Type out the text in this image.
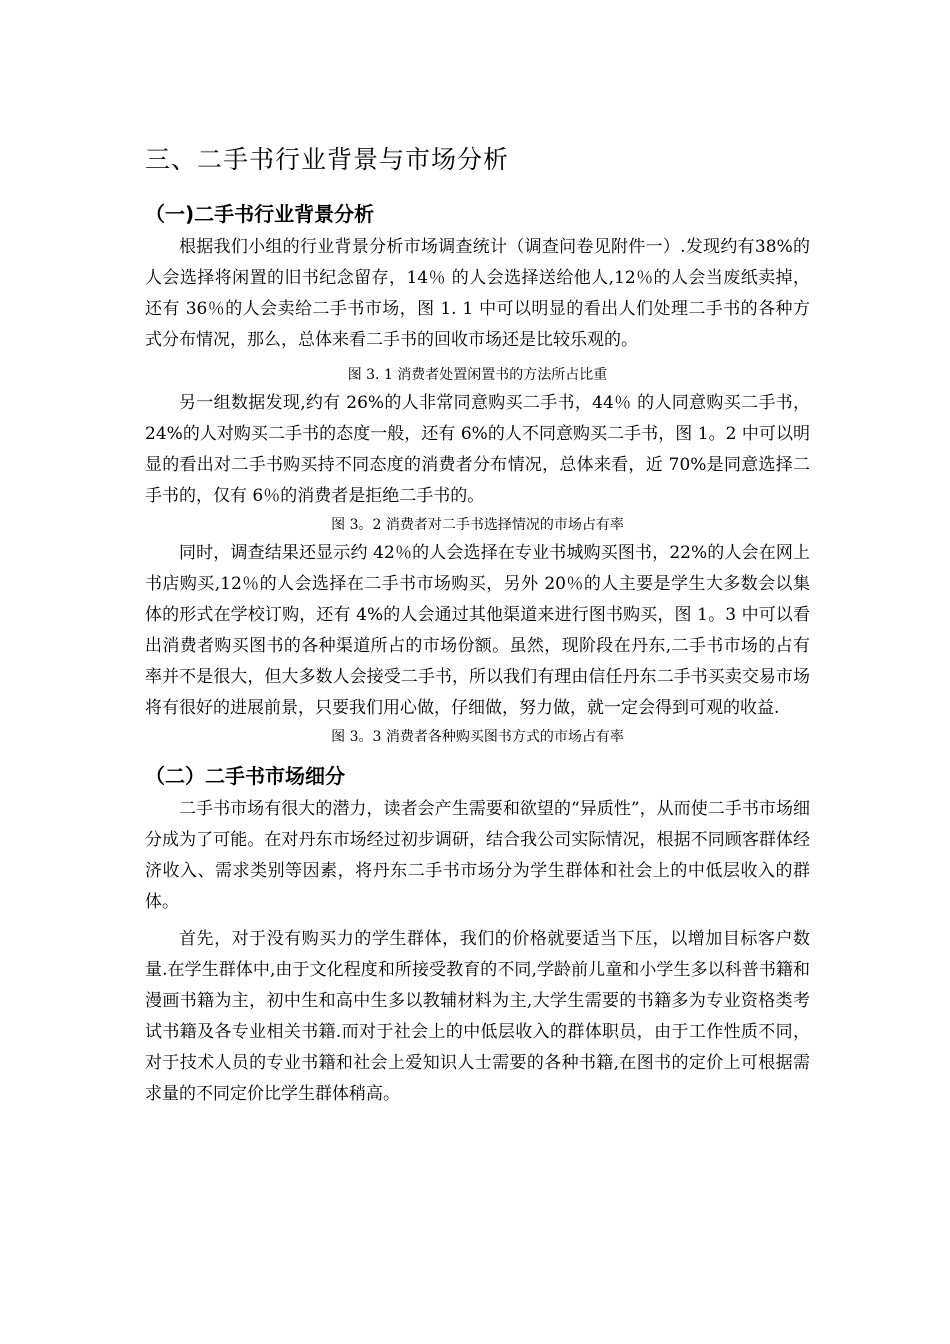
三、二手书行业背景与市场分析
（一)二手书行业背景分析

根据我们小组的行业背景分析市场调查统计（调查问卷见附件一）.发现约有38%的人会选择将闲置的旧书纪念留存，14％ 的人会选择送给他人,12％的人会当废纸卖掉，还有 36％的人会卖给二手书市场，图 1. 1 中可以明显的看出人们处理二手书的各种方式分布情况，那么，总体来看二手书的回收市场还是比较乐观的。

图 3. 1 消费者处置闲置书的方法所占比重

另一组数据发现,约有 26%的人非常同意购买二手书，44％ 的人同意购买二手书，24%的人对购买二手书的态度一般，还有 6%的人不同意购买二手书，图 1。2 中可以明显的看出对二手书购买持不同态度的消费者分布情况，总体来看，近 70%是同意选择二手书的，仅有 6％的消费者是拒绝二手书的。

图 3。2 消费者对二手书选择情况的市场占有率

同时，调查结果还显示约 42％的人会选择在专业书城购买图书，22%的人会在网上书店购买,12％的人会选择在二手书市场购买，另外 20％的人主要是学生大多数会以集体的形式在学校订购，还有 4%的人会通过其他渠道来进行图书购买，图 1。3 中可以看出消费者购买图书的各种渠道所占的市场份额。虽然，现阶段在丹东,二手书市场的占有率并不是很大，但大多数人会接受二手书，所以我们有理由信任丹东二手书买卖交易市场将有很好的进展前景，只要我们用心做，仔细做，努力做，就一定会得到可观的收益.

图 3。3 消费者各种购买图书方式的市场占有率

（二）二手书市场细分

二手书市场有很大的潜力，读者会产生需要和欲望的“异质性”，从而使二手书市场细分成为了可能。在对丹东市场经过初步调研，结合我公司实际情况，根据不同顾客群体经济收入、需求类别等因素，将丹东二手书市场分为学生群体和社会上的中低层收入的群体。

首先，对于没有购买力的学生群体，我们的价格就要适当下压，以增加目标客户数量.在学生群体中,由于文化程度和所接受教育的不同,学龄前儿童和小学生多以科普书籍和漫画书籍为主，初中生和高中生多以教辅材料为主,大学生需要的书籍多为专业资格类考试书籍及各专业相关书籍.而对于社会上的中低层收入的群体职员，由于工作性质不同，对于技术人员的专业书籍和社会上爱知识人士需要的各种书籍,在图书的定价上可根据需求量的不同定价比学生群体稍高。
